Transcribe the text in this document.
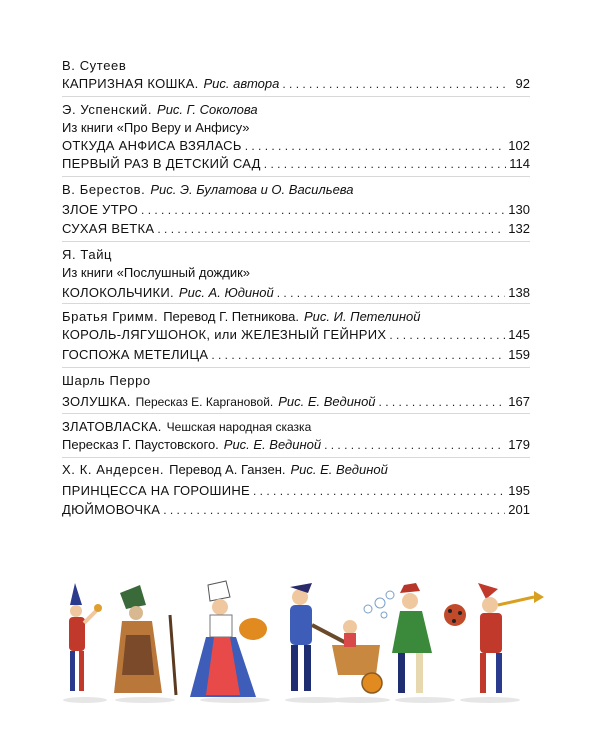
В. Сутеев
КАПРИЗНАЯ КОШКА. Рис. автора . . .	92
Э. Успенский. Рис. Г. Соколова
Из книги «Про Веру и Анфису»
ОТКУДА АНФИСА ВЗЯЛАСЬ . . .	102
ПЕРВЫЙ РАЗ В ДЕТСКИЙ САД . . .	114
В. Берестов. Рис. Э. Булатова и О. Васильева
ЗЛОЕ УТРО . . .	130
СУХАЯ ВЕТКА . . .	132
Я. Тайц
Из книги «Послушный дождик»
КОЛОКОЛЬЧИКИ. Рис. А. Юдиной . . .	138
Братья Гримм. Перевод Г. Петникова. Рис. И. Петелиной
КОРОЛЬ-ЛЯГУШОНОК, или ЖЕЛЕЗНЫЙ ГЕЙНРИХ . . .	145
ГОСПОЖА МЕТЕЛИЦА . . .	159
Шарль Перро
ЗОЛУШКА. Пересказ Е. Каргановой. Рис. Е. Вединой . . .	167
ЗЛАТОВЛАСКА. Чешская народная сказка
Пересказ Г. Паустовского. Рис. Е. Вединой . . .	179
Х. К. Андерсен. Перевод А. Ганзен. Рис. Е. Вединой
ПРИНЦЕССА НА ГОРОШИНЕ . . .	195
ДЮЙМОВОЧКА . . .	201
